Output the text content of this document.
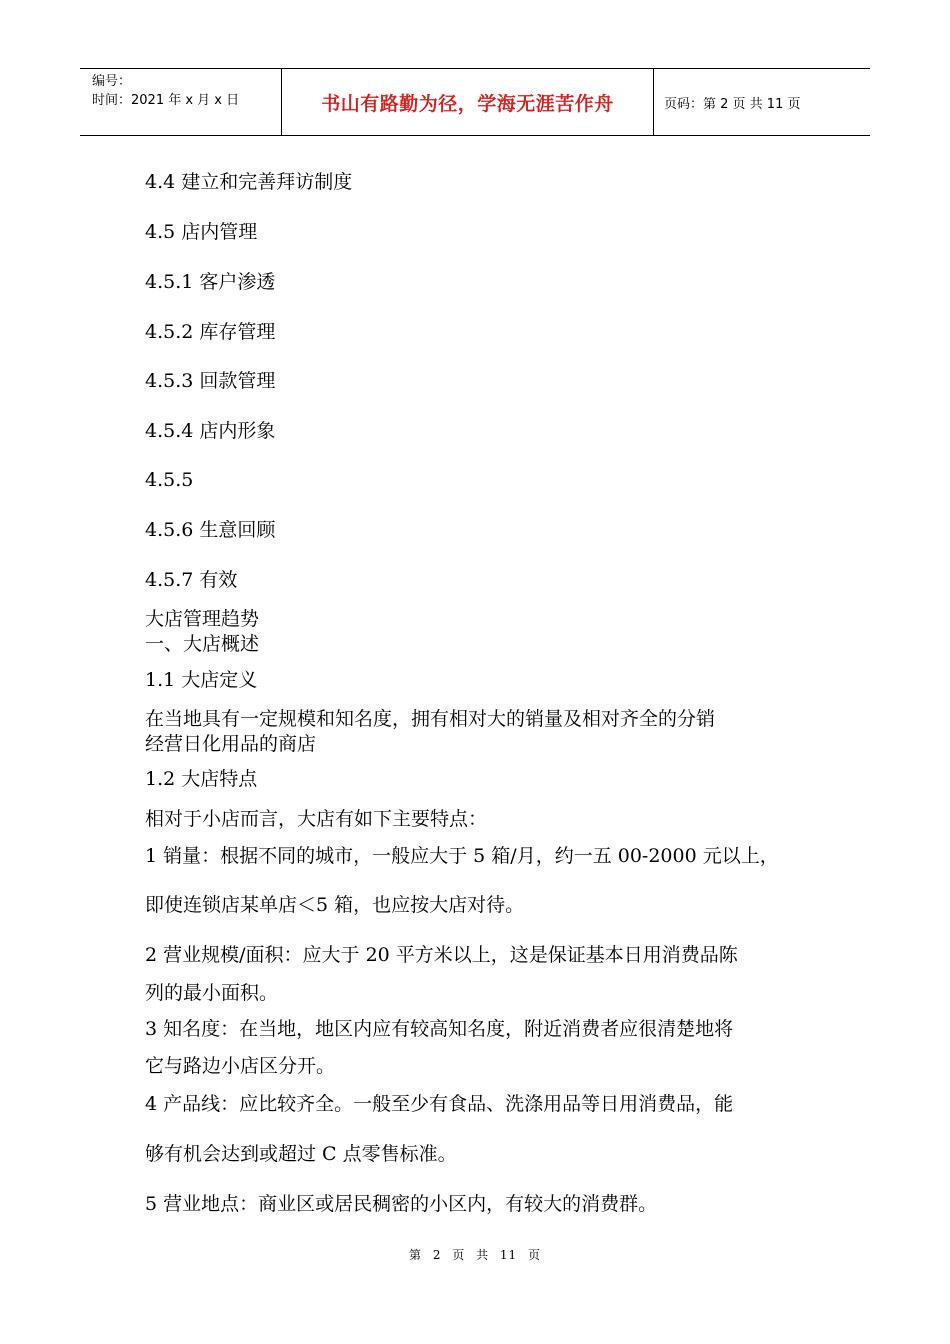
编号：
时间：2021 年 x 月 x 日	书山有路勤为径，学海无涯苦作舟	页码：第 2 页 共 11 页
4.4 建立和完善拜访制度
4.5 店内管理
4.5.1 客户渗透
4.5.2 库存管理
4.5.3 回款管理
4.5.4 店内形象
4.5.5
4.5.6 生意回顾
4.5.7 有效
大店管理趋势
一、大店概述
1.1 大店定义
在当地具有一定规模和知名度，拥有相对大的销量及相对齐全的分销
经营日化用品的商店
1.2 大店特点
相对于小店而言，大店有如下主要特点：
1 销量：根据不同的城市，一般应大于 5 箱/月，约一五 00-2000 元以上，
即使连锁店某单店＜5 箱，也应按大店对待。
2 营业规模/面积：应大于 20 平方米以上，这是保证基本日用消费品陈
列的最小面积。
3 知名度：在当地，地区内应有较高知名度，附近消费者应很清楚地将
它与路边小店区分开。
4 产品线：应比较齐全。一般至少有食品、洗涤用品等日用消费品，能
够有机会达到或超过 C 点零售标准。
5 营业地点：商业区或居民稠密的小区内，有较大的消费群。
第 2 页 共 11 页
